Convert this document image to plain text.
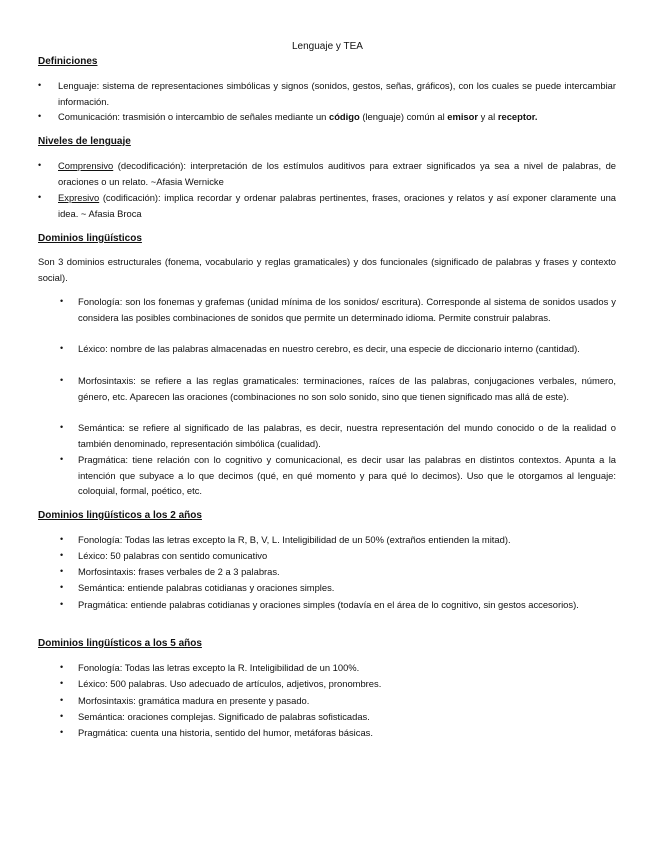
Lenguaje y TEA
Definiciones
• Lenguaje: sistema de representaciones simbólicas y signos (sonidos, gestos, señas, gráficos), con los cuales se puede intercambiar información.
• Comunicación: trasmisión o intercambio de señales mediante un código (lenguaje) común al emisor y al receptor.
Niveles de lenguaje
• Comprensivo (decodificación): interpretación de los estímulos auditivos para extraer significados ya sea a nivel de palabras, de oraciones o un relato. ~Afasia Wernicke
• Expresivo (codificación): implica recordar y ordenar palabras pertinentes, frases, oraciones y relatos y así exponer claramente una idea. ~ Afasia Broca
Dominios lingüísticos
Son 3 dominios estructurales (fonema, vocabulario y reglas gramaticales) y dos funcionales (significado de palabras y frases y contexto social).
• Fonología: son los fonemas y grafemas (unidad mínima de los sonidos/ escritura). Corresponde al sistema de sonidos usados y considera las posibles combinaciones de sonidos que permite un determinado idioma. Permite construir palabras.
• Léxico: nombre de las palabras almacenadas en nuestro cerebro, es decir, una especie de diccionario interno (cantidad).
• Morfosintaxis: se refiere a las reglas gramaticales: terminaciones, raíces de las palabras, conjugaciones verbales, número, género, etc. Aparecen las oraciones (combinaciones no son solo sonido, sino que tienen significado mas allá de este).
• Semántica: se refiere al significado de las palabras, es decir, nuestra representación del mundo conocido o de la realidad o también denominado, representación simbólica (cualidad).
• Pragmática: tiene relación con lo cognitivo y comunicacional, es decir usar las palabras en distintos contextos. Apunta a la intención que subyace a lo que decimos (qué, en qué momento y para qué lo decimos). Uso que le otorgamos al lenguaje: coloquial, formal, poético, etc.
Dominios lingüísticos a los 2 años
• Fonología: Todas las letras excepto la R, B, V, L. Inteligibilidad de un 50% (extraños entienden la mitad).
• Léxico: 50 palabras con sentido comunicativo
• Morfosintaxis: frases verbales de 2 a 3 palabras.
• Semántica: entiende palabras cotidianas y oraciones simples.
• Pragmática: entiende palabras cotidianas y oraciones simples (todavía en el área de lo cognitivo, sin gestos accesorios).
Dominios lingüísticos a los 5 años
• Fonología: Todas las letras excepto la R. Inteligibilidad de un 100%.
• Léxico: 500 palabras. Uso adecuado de artículos, adjetivos, pronombres.
• Morfosintaxis: gramática madura en presente y pasado.
• Semántica: oraciones complejas. Significado de palabras sofisticadas.
• Pragmática: cuenta una historia, sentido del humor, metáforas básicas.
